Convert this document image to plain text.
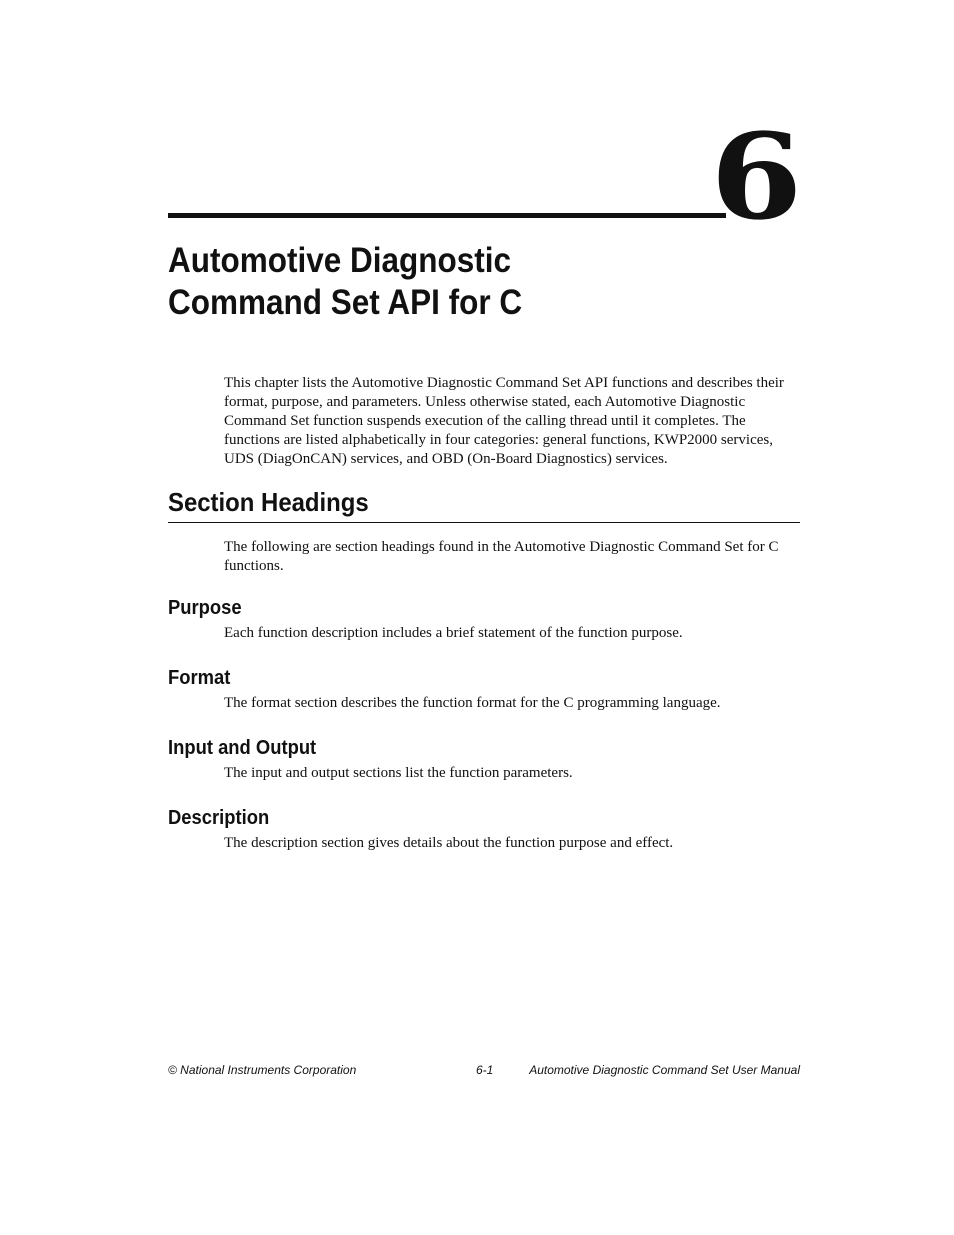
6
Automotive Diagnostic
Command Set API for C

This chapter lists the Automotive Diagnostic Command Set API functions and describes their format, purpose, and parameters. Unless otherwise stated, each Automotive Diagnostic Command Set function suspends execution of the calling thread until it completes. The functions are listed alphabetically in four categories: general functions, KWP2000 services, UDS (DiagOnCAN) services, and OBD (On-Board Diagnostics) services.

Section Headings

The following are section headings found in the Automotive Diagnostic Command Set for C functions.

Purpose

Each function description includes a brief statement of the function purpose.

Format

The format section describes the function format for the C programming language.

Input and Output

The input and output sections list the function parameters.

Description

The description section gives details about the function purpose and effect.

© National Instruments Corporation	6-1	Automotive Diagnostic Command Set User Manual
